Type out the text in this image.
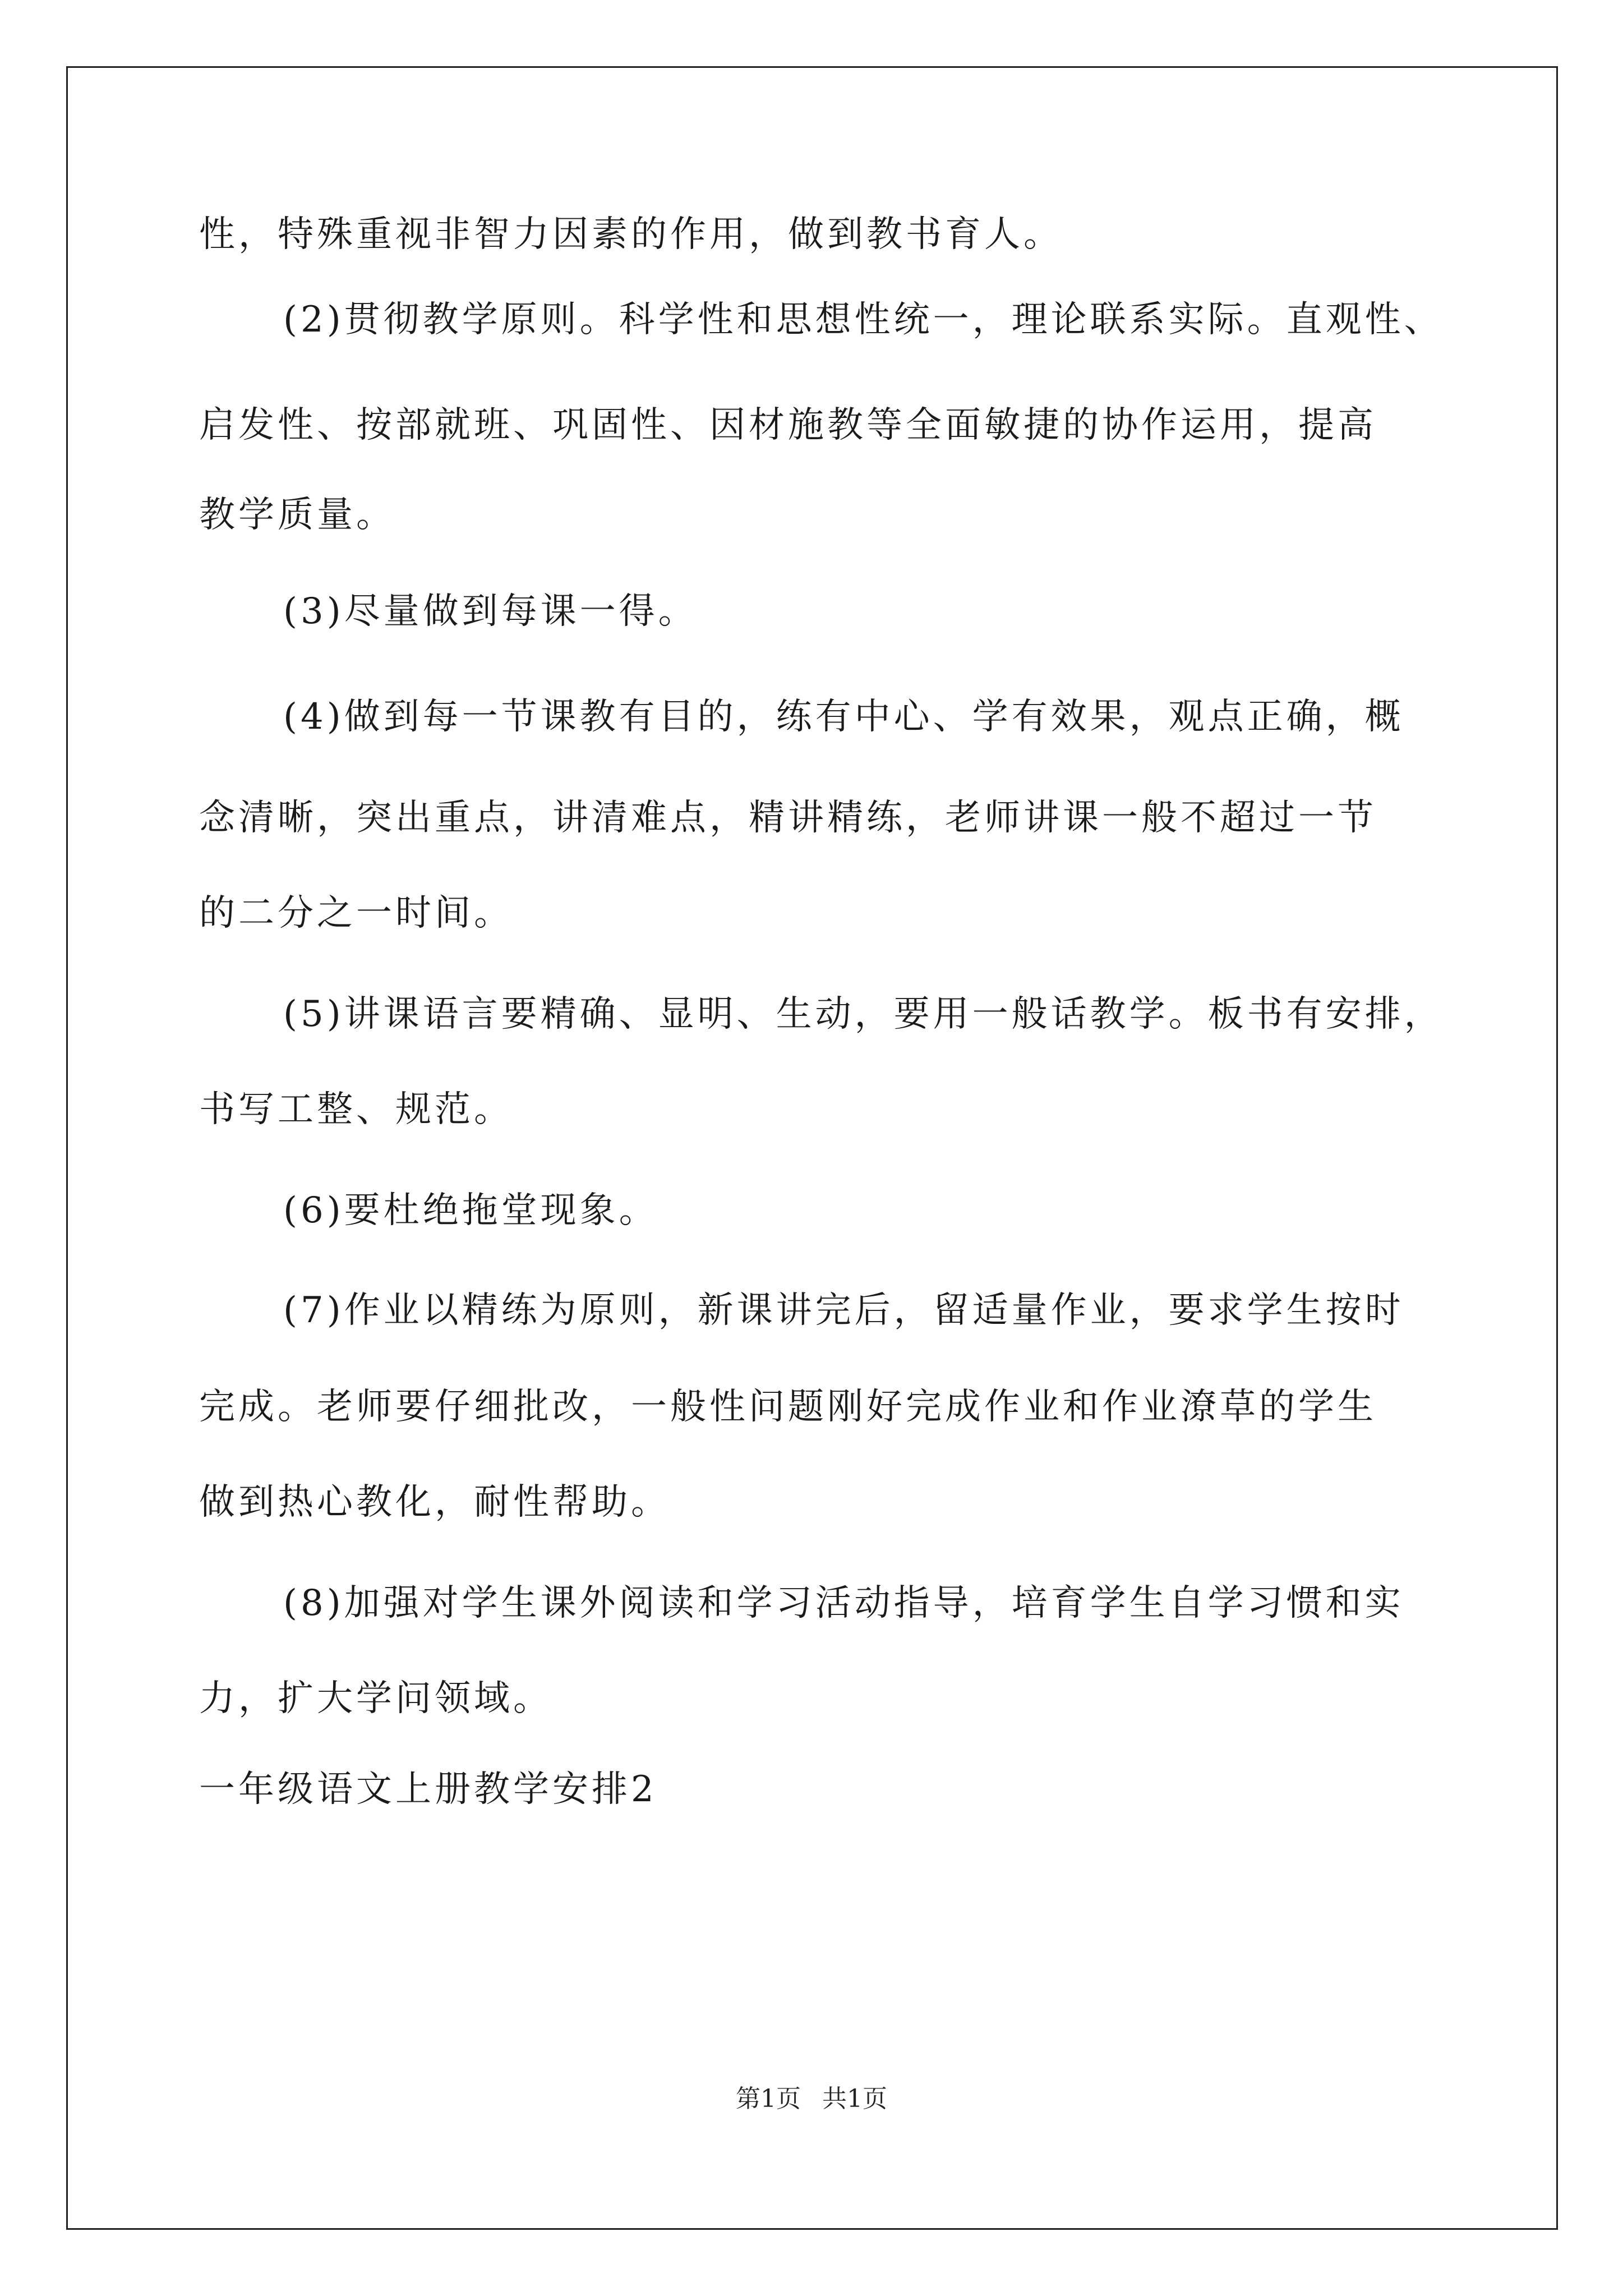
性，特殊重视非智力因素的作用，做到教书育人。
(2)贯彻教学原则。科学性和思想性统一，理论联系实际。直观性、
启发性、按部就班、巩固性、因材施教等全面敏捷的协作运用，提高
教学质量。
(3)尽量做到每课一得。
(4)做到每一节课教有目的，练有中心、学有效果，观点正确，概
念清晰，突出重点，讲清难点，精讲精练，老师讲课一般不超过一节
的二分之一时间。
(5)讲课语言要精确、显明、生动，要用一般话教学。板书有安排，
书写工整、规范。
(6)要杜绝拖堂现象。
(7)作业以精练为原则，新课讲完后，留适量作业，要求学生按时
完成。老师要仔细批改，一般性问题刚好完成作业和作业潦草的学生
做到热心教化，耐性帮助。
(8)加强对学生课外阅读和学习活动指导，培育学生自学习惯和实
力，扩大学问领域。
一年级语文上册教学安排2
第1页 共1页
